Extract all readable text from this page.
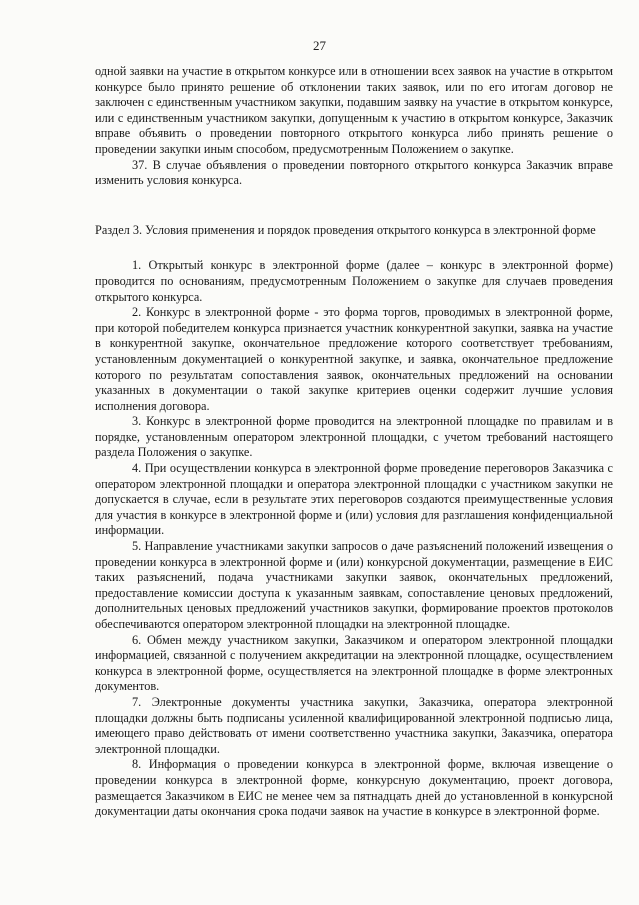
27

одной заявки на участие в открытом конкурсе или в отношении всех заявок на участие в открытом конкурсе было принято решение об отклонении таких заявок, или по его итогам договор не заключен с единственным участником закупки, подавшим заявку на участие в открытом конкурсе, или с единственным участником закупки, допущенным к участию в открытом конкурсе, Заказчик вправе объявить о проведении повторного открытого конкурса либо принять решение о проведении закупки иным способом, предусмотренным Положением о закупке.

37. В случае объявления о проведении повторного открытого конкурса Заказчик вправе изменить условия конкурса.

Раздел 3. Условия применения и порядок проведения открытого конкурса в электронной форме

1. Открытый конкурс в электронной форме (далее – конкурс в электронной форме) проводится по основаниям, предусмотренным Положением о закупке для случаев проведения открытого конкурса.

2. Конкурс в электронной форме - это форма торгов, проводимых в электронной форме, при которой победителем конкурса признается участник конкурентной закупки, заявка на участие в конкурентной закупке, окончательное предложение которого соответствует требованиям, установленным документацией о конкурентной закупке, и заявка, окончательное предложение которого по результатам сопоставления заявок, окончательных предложений на основании указанных в документации о такой закупке критериев оценки содержит лучшие условия исполнения договора.

3. Конкурс в электронной форме проводится на электронной площадке по правилам и в порядке, установленным оператором электронной площадки, с учетом требований настоящего раздела Положения о закупке.

4. При осуществлении конкурса в электронной форме проведение переговоров Заказчика с оператором электронной площадки и оператора электронной площадки с участником закупки не допускается в случае, если в результате этих переговоров создаются преимущественные условия для участия в конкурсе в электронной форме и (или) условия для разглашения конфиденциальной информации.

5. Направление участниками закупки запросов о даче разъяснений положений извещения о проведении конкурса в электронной форме и (или) конкурсной документации, размещение в ЕИС таких разъяснений, подача участниками закупки заявок, окончательных предложений, предоставление комиссии доступа к указанным заявкам, сопоставление ценовых предложений, дополнительных ценовых предложений участников закупки, формирование проектов протоколов обеспечиваются оператором электронной площадки на электронной площадке.

6. Обмен между участником закупки, Заказчиком и оператором электронной площадки информацией, связанной с получением аккредитации на электронной площадке, осуществлением конкурса в электронной форме, осуществляется на электронной площадке в форме электронных документов.

7. Электронные документы участника закупки, Заказчика, оператора электронной площадки должны быть подписаны усиленной квалифицированной электронной подписью лица, имеющего право действовать от имени соответственно участника закупки, Заказчика, оператора электронной площадки.

8. Информация о проведении конкурса в электронной форме, включая извещение о проведении конкурса в электронной форме, конкурсную документацию, проект договора, размещается Заказчиком в ЕИС не менее чем за пятнадцать дней до установленной в конкурсной документации даты окончания срока подачи заявок на участие в конкурсе в электронной форме.
